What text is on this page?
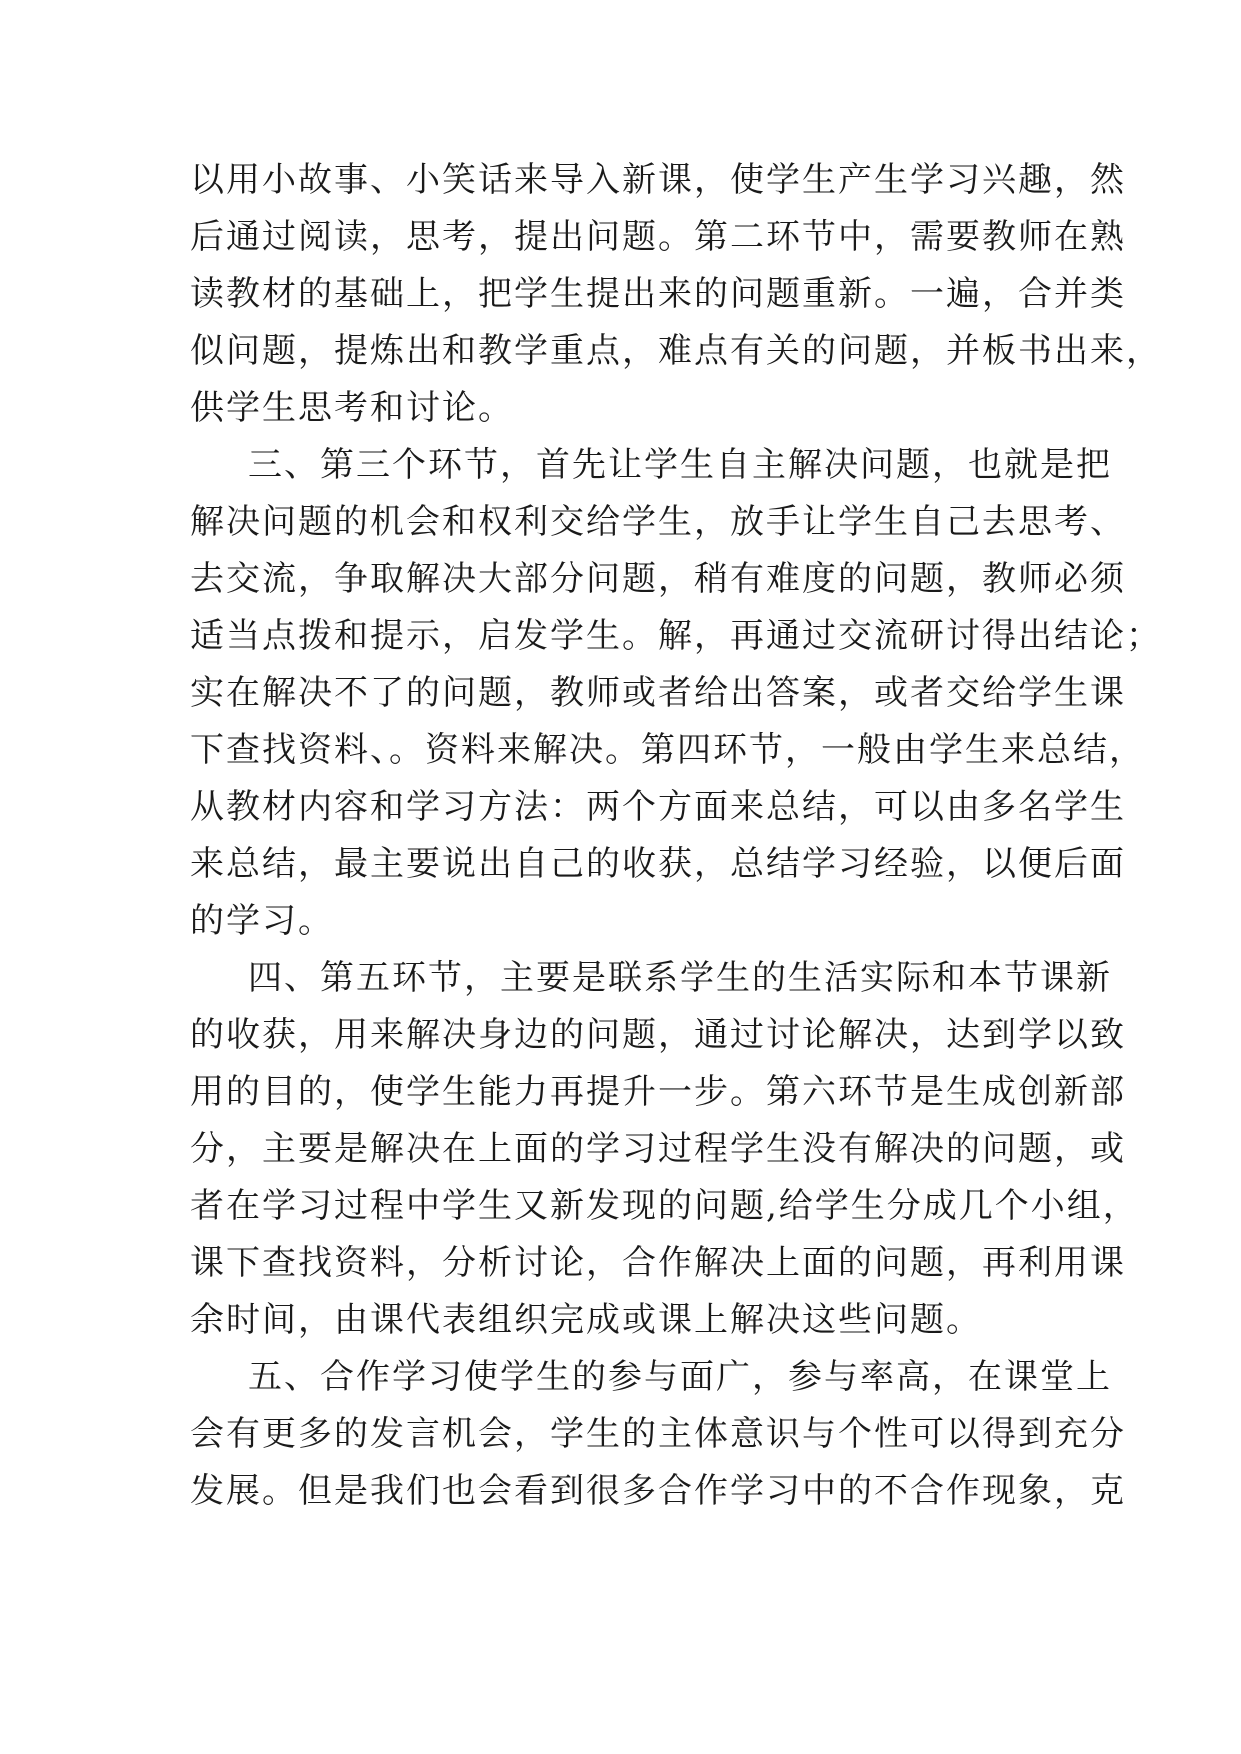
以用小故事、小笑话来导入新课，使学生产生学习兴趣，然
后通过阅读，思考，提出问题。第二环节中，需要教师在熟
读教材的基础上，把学生提出来的问题重新。一遍，合并类
似问题，提炼出和教学重点，难点有关的问题，并板书出来，
供学生思考和讨论。
三、第三个环节，首先让学生自主解决问题，也就是把
解决问题的机会和权利交给学生，放手让学生自己去思考、
去交流，争取解决大部分问题，稍有难度的问题，教师必须
适当点拨和提示，启发学生。解，再通过交流研讨得出结论；
实在解决不了的问题，教师或者给出答案，或者交给学生课
下查找资料、。资料来解决。第四环节，一般由学生来总结，
从教材内容和学习方法：两个方面来总结，可以由多名学生
来总结，最主要说出自己的收获，总结学习经验，以便后面
的学习。
四、第五环节，主要是联系学生的生活实际和本节课新
的收获，用来解决身边的问题，通过讨论解决，达到学以致
用的目的，使学生能力再提升一步。第六环节是生成创新部
分，主要是解决在上面的学习过程学生没有解决的问题，或
者在学习过程中学生又新发现的问题,给学生分成几个小组，
课下查找资料，分析讨论，合作解决上面的问题，再利用课
余时间，由课代表组织完成或课上解决这些问题。
五、合作学习使学生的参与面广，参与率高，在课堂上
会有更多的发言机会，学生的主体意识与个性可以得到充分
发展。但是我们也会看到很多合作学习中的不合作现象，克
